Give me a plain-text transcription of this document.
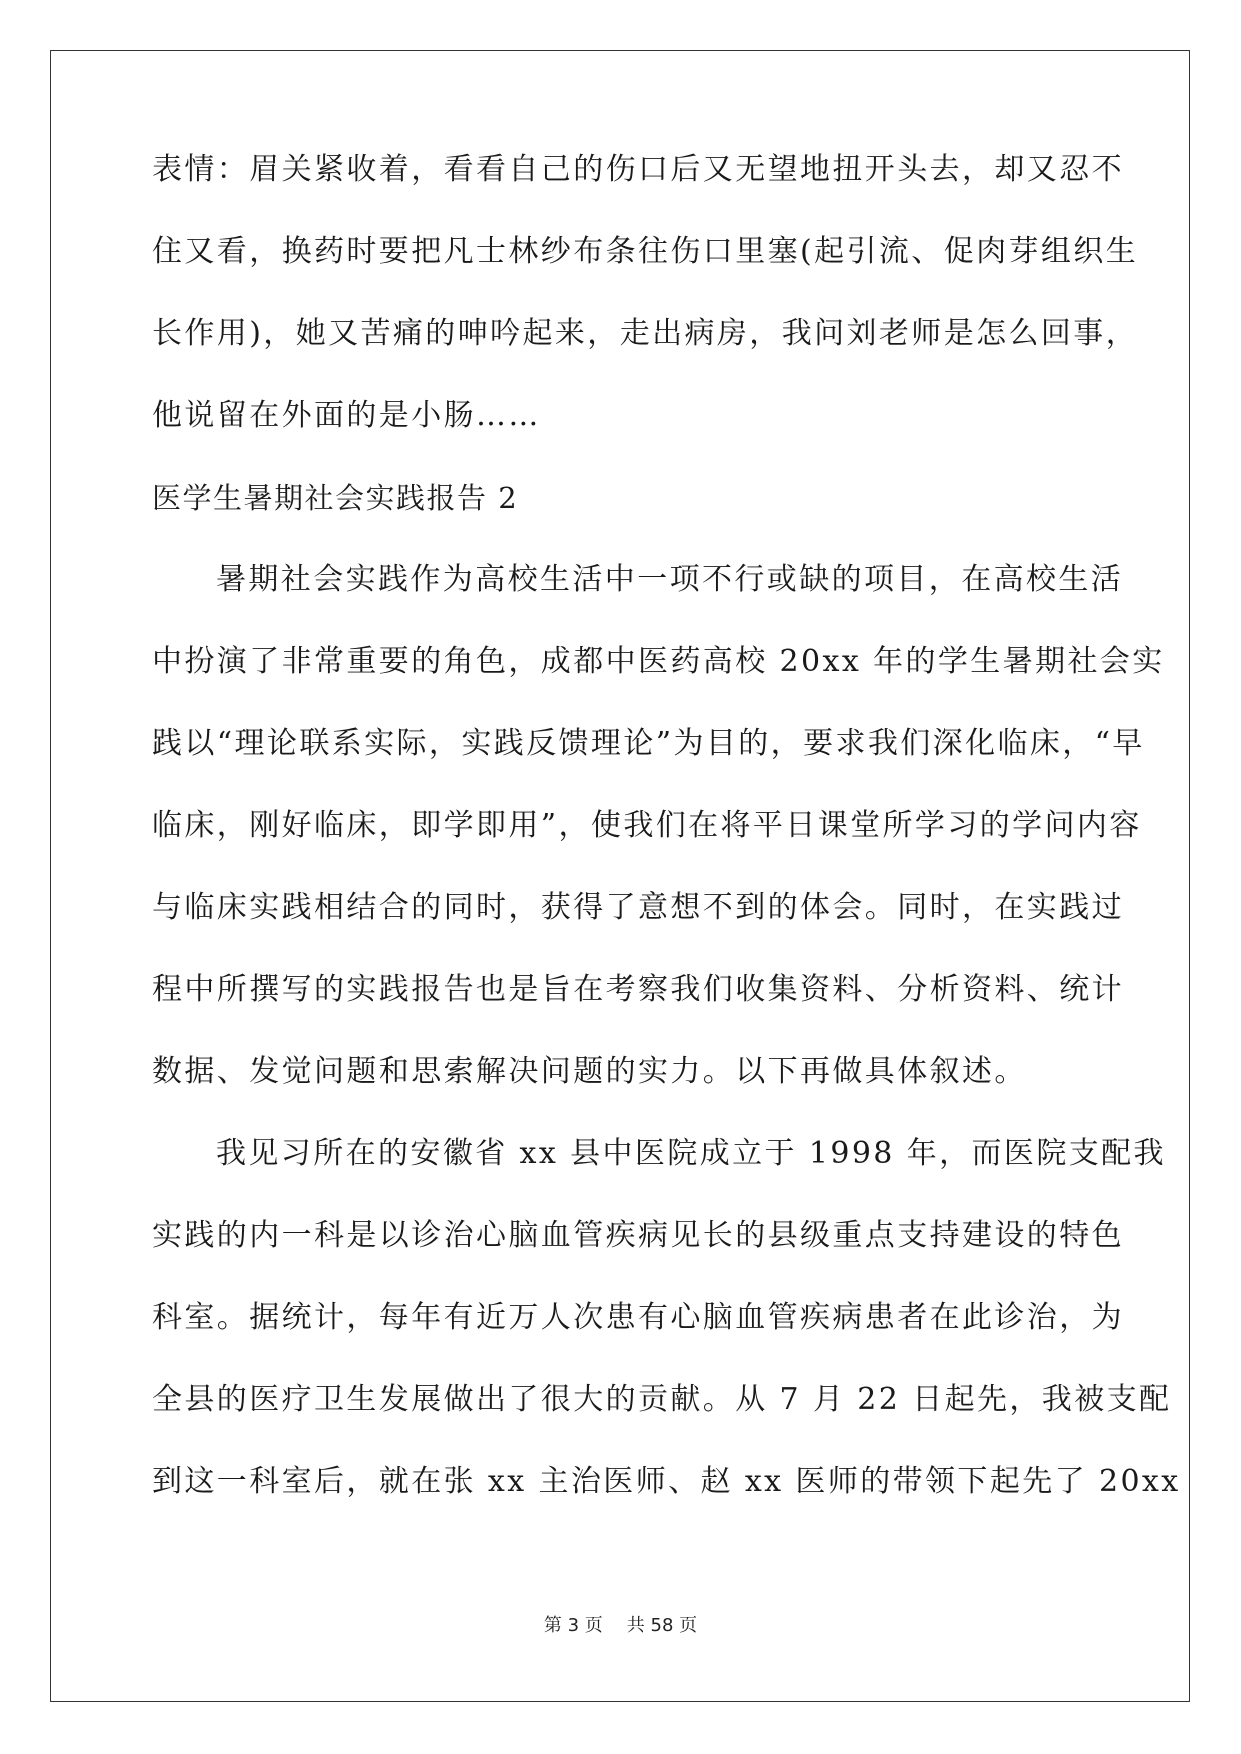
表情：眉关紧收着，看看自己的伤口后又无望地扭开头去，却又忍不
住又看，换药时要把凡士林纱布条往伤口里塞(起引流、促肉芽组织生
长作用)，她又苦痛的呻吟起来，走出病房，我问刘老师是怎么回事，
他说留在外面的是小肠……
医学生暑期社会实践报告 2
暑期社会实践作为高校生活中一项不行或缺的项目，在高校生活
中扮演了非常重要的角色，成都中医药高校 20xx 年的学生暑期社会实
践以“理论联系实际，实践反馈理论”为目的，要求我们深化临床，“早
临床，刚好临床，即学即用”，使我们在将平日课堂所学习的学问内容
与临床实践相结合的同时，获得了意想不到的体会。同时，在实践过
程中所撰写的实践报告也是旨在考察我们收集资料、分析资料、统计
数据、发觉问题和思索解决问题的实力。以下再做具体叙述。
我见习所在的安徽省 xx 县中医院成立于 1998 年，而医院支配我
实践的内一科是以诊治心脑血管疾病见长的县级重点支持建设的特色
科室。据统计，每年有近万人次患有心脑血管疾病患者在此诊治，为
全县的医疗卫生发展做出了很大的贡献。从 7 月 22 日起先，我被支配
到这一科室后，就在张 xx 主治医师、赵 xx 医师的带领下起先了 20xx
第 3 页 共 58 页
